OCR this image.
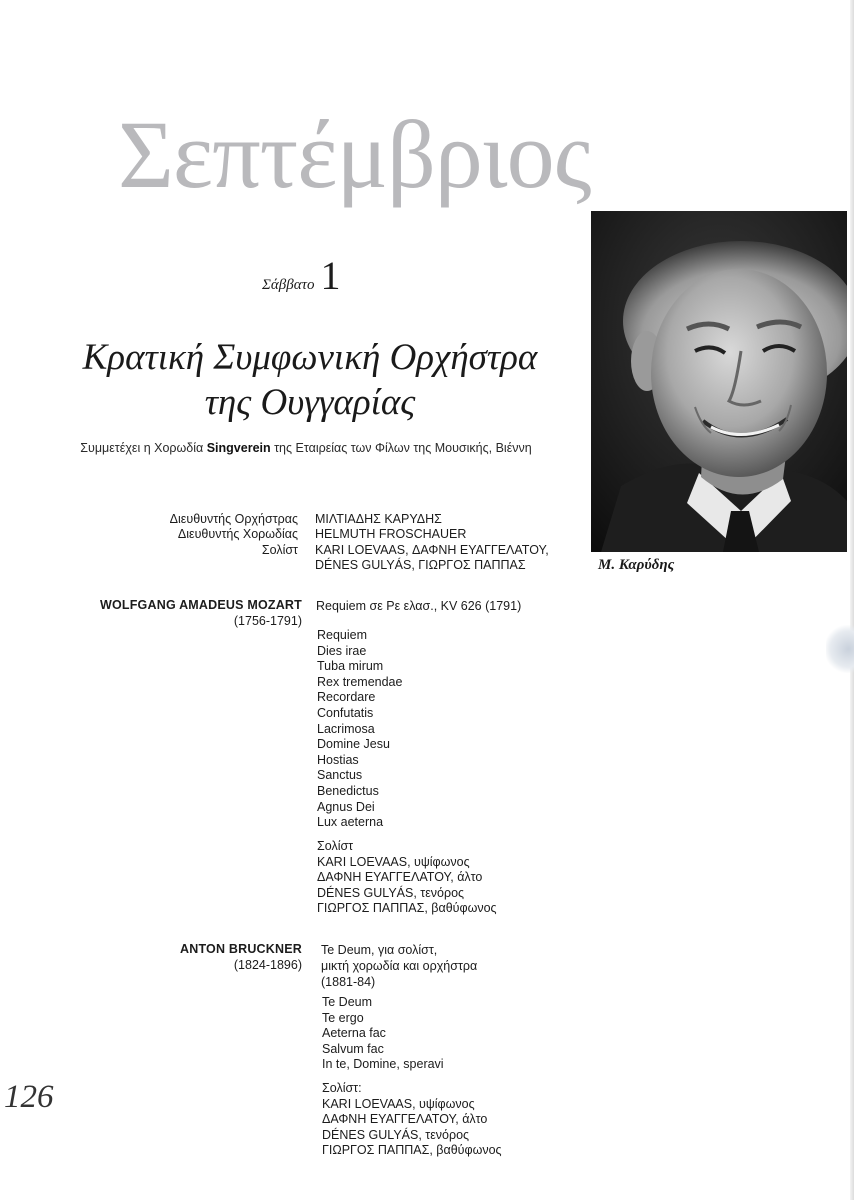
Σεπτέμβριος
Σάββατο 1
Κρατική Συμφωνική Ορχήστρα
της Ουγγαρίας
Συμμετέχει η Χορωδία Singverein της Εταιρείας των Φίλων της Μουσικής, Βιέννη
Μ. Καρύδης
Διευθυντής Ορχήστρας ΜΙΛΤΙΑΔΗΣ ΚΑΡΥΔΗΣ
Διευθυντής Χορωδίας HELMUTH FROSCHAUER
Σολίστ KARI LOEVAAS, ΔΑΦΝΗ ΕΥΑΓΓΕΛΑΤΟΥ,
DÉNES GULYÁS, ΓΙΩΡΓΟΣ ΠΑΠΠΑΣ
WOLFGANG AMADEUS MOZART
(1756-1791)
Requiem σε Ρε ελασ., KV 626 (1791)
Requiem
Dies irae
Tuba mirum
Rex tremendae
Recordare
Confutatis
Lacrimosa
Domine Jesu
Hostias
Sanctus
Benedictus
Agnus Dei
Lux aeterna
Σολίστ
KARI LOEVAAS, υψίφωνος
ΔΑΦΝΗ ΕΥΑΓΓΕΛΑΤΟΥ, άλτο
DÉNES GULYÁS, τενόρος
ΓΙΩΡΓΟΣ ΠΑΠΠΑΣ, βαθύφωνος
ANTON BRUCKNER
(1824-1896)
Te Deum, για σολίστ,
μικτή χορωδία και ορχήστρα
(1881-84)
Te Deum
Te ergo
Aeterna fac
Salvum fac
In te, Domine, speravi
Σολίστ:
KARI LOEVAAS, υψίφωνος
ΔΑΦΝΗ ΕΥΑΓΓΕΛΑΤΟΥ, άλτο
DÉNES GULYÁS, τενόρος
ΓΙΩΡΓΟΣ ΠΑΠΠΑΣ, βαθύφωνος
126
